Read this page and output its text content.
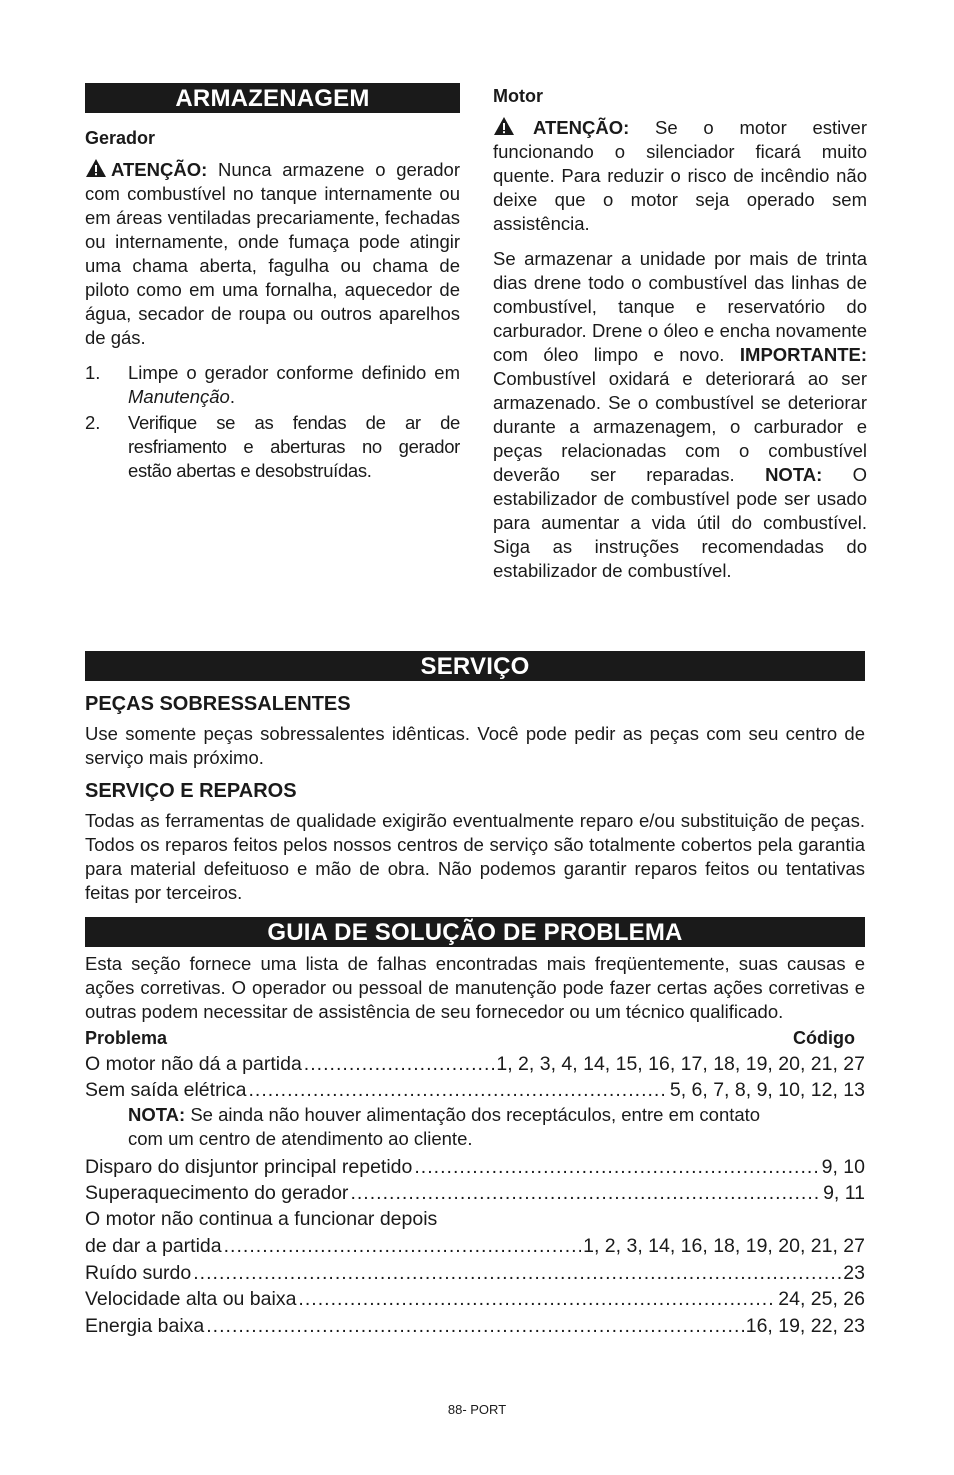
ARMAZENAGEM
Gerador
ATENÇÃO: Nunca armazene o gerador com combustível no tanque internamente ou em áreas ventiladas precariamente, fechadas ou internamente, onde fumaça pode atingir uma chama aberta, fagulha ou chama de piloto como em uma fornalha, aquecedor de água, secador de roupa ou outros aparelhos de gás.
1. Limpe o gerador conforme definido em Manutenção.
2. Verifique se as fendas de ar de resfriamento e aberturas no gerador estão abertas e desobstruídas.
Motor
ATENÇÃO: Se o motor estiver funcionando o silenciador ficará muito quente. Para reduzir o risco de incêndio não deixe que o motor seja operado sem assistência.
Se armazenar a unidade por mais de trinta dias drene todo o combustível das linhas de combustível, tanque e reservatório do carburador. Drene o óleo e encha novamente com óleo limpo e novo. IMPORTANTE: Combustível oxidará e deteriorará ao ser armazenado. Se o combustível se deteriorar durante a armazenagem, o carburador e peças relacionadas com o combustível deverão ser reparadas. NOTA: O estabilizador de combustível pode ser usado para aumentar a vida útil do combustível. Siga as instruções recomendadas do estabilizador de combustível.
SERVIÇO
PEÇAS SOBRESSALENTES
Use somente peças sobressalentes idênticas. Você pode pedir as peças com seu centro de serviço mais próximo.
SERVIÇO E REPAROS
Todas as ferramentas de qualidade exigirão eventualmente reparo e/ou substituição de peças. Todos os reparos feitos pelos nossos centros de serviço são totalmente cobertos pela garantia para material defeituoso e mão de obra. Não podemos garantir reparos feitos ou tentativas feitas por terceiros.
GUIA DE SOLUÇÃO DE PROBLEMA
Esta seção fornece uma lista de falhas encontradas mais freqüentemente, suas causas e ações corretivas. O operador ou pessoal de manutenção pode fazer certas ações corretivas e outras podem necessitar de assistência de seu fornecedor ou um técnico qualificado.
Problema	Código
O motor não dá a partida . . .	1, 2, 3, 4, 14, 15, 16, 17, 18, 19, 20, 21, 27
Sem saída elétrica . . .	5, 6, 7, 8, 9, 10, 12, 13
NOTA: Se ainda não houver alimentação dos receptáculos, entre em contato com um centro de atendimento ao cliente.
Disparo do disjuntor principal repetido . . .	9, 10
Superaquecimento do gerador . . .	9, 11
O motor não continua a funcionar depois
de dar a partida . . .	1, 2, 3, 14, 16, 18, 19, 20, 21, 27
Ruído surdo . . .	23
Velocidade alta ou baixa . . .	24, 25, 26
Energia baixa . . .	16, 19, 22, 23
88- PORT
